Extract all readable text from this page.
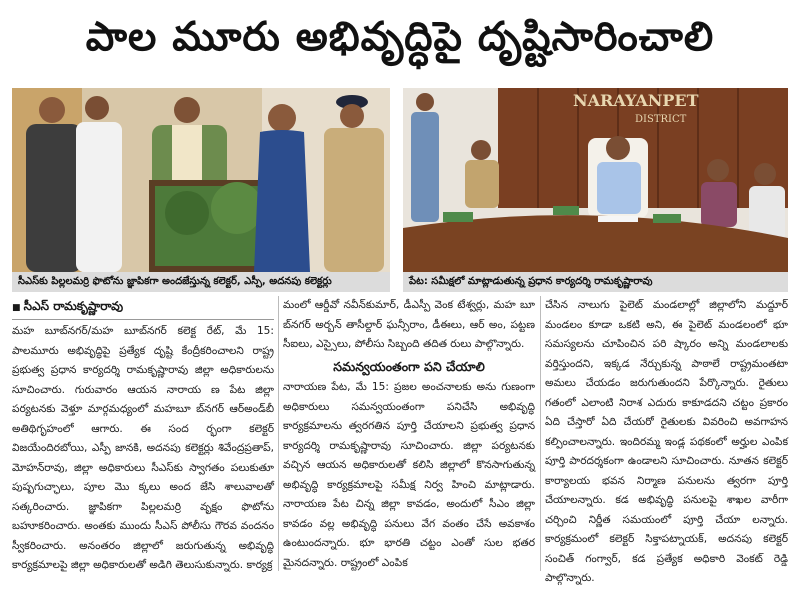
పాల మూరు అభివృద్ధిపై దృష్టిసారించాలి
సీఎస్‌కు పిల్లలమర్రి ఫొటోను జ్ఞాపికగా అందజేస్తున్న కలెక్టర్, ఎస్పీ, అదనపు కలెక్టర్లు
NARAYANPET
DISTRICT
పేట: సమీక్షలో మాట్లాడుతున్న ప్రధాన కార్యదర్శి రామకృష్ణారావు
■ సీఎస్ రామకృష్ణారావు

మహ బూబ్‌నగర్/మహ బూబ్‌నగర్ కలెక్ట రేట్, మే 15: పాలమూరు అభివృద్ధిపై ప్రత్యేక దృష్టి కేంద్రీకరించాలని రాష్ట్ర ప్రభుత్వ ప్రధాన కార్యదర్శి రామకృష్ణారావు జిల్లా అధికారులను సూచించారు. గురువారం ఆయన నారాయ ణ పేట జిల్లా పర్యటనకు వెళ్తూ మార్గమధ్యంలో మహబూ బ్‌నగర్ ఆర్‌అండ్‌బీ అతిథిగృహంలో ఆగారు. ఈ సంద ర్భంగా కలెక్టర్ విజయేందిరబోయి, ఎస్పీ జానకి, అదనపు కలెక్టర్లు శివేంద్రప్రతాప్, మోహన్‌రావు, జిల్లా అధికారులు సీఎస్‌కు స్వాగతం పలుకుతూ పుష్పగుచ్ఛాలు, పూల మొ క్కలు అంద జేసి శాలువాలతో సత్కరించారు. జ్ఞాపికగా పిల్లలమర్రి వృక్షం ఫొటోను బహూకరించారు. అంతకు ముందు సీఎస్ పోలీసు గౌరవ వందనం స్వీకరించారు. అనంతరం జిల్లాలో జరుగుతున్న అభివృద్ధి కార్యక్రమాలపై జిల్లా అధికారులతో అడిగి తెలుసుకున్నారు. కార్యక్ర

మంలో ఆర్డీవో నవీన్‌కుమార్, డీఎస్పీ వెంక టేశ్వర్లు, మహ బూ బ్‌నగర్ అర్బన్ తాసీల్దార్ ఘన్సీరాం, డీఈలు, ఆర్ అం, పట్టణ సీఐలు, ఎస్సైలు, పోలీసు సిబ్బంది తదిత రులు పాల్గొన్నారు.

సమన్వయంతంగా పని చేయాలి

నారాయణ పేట, మే 15: ప్రజల అంచనాలకు అను గుణంగా అధికారులు సమన్వయంతంగా పనిచేసి అభివృద్ధి కార్యక్రమాలను త్వరగతిన పూర్తి చేయాలని ప్రభుత్వ ప్రధాన కార్యదర్శి రామకృష్ణారావు సూచించారు. జిల్లా పర్యటనకు వచ్చిన ఆయన అధికారులతో కలిసి జిల్లాలో కొనసాగుతున్న అభివృద్ధి కార్యక్రమాలపై సమీక్ష నిర్వ హించి మాట్లాడారు. నారాయణ పేట చిన్న జిల్లా కావడం, అందులో సీఎం జిల్లా కావడం వల్ల అభివృద్ధి పనులు వేగ వంతం చేసే అవకాశం ఉంటుందన్నారు. భూ భారతి చట్టం ఎంతో సుల భతర మైనదన్నారు. రాష్ట్రంలో ఎంపిక

చేసిన నాలుగు పైలెట్ మండలాల్లో జిల్లాలోని మద్దూర్ మండలం కూడా ఒకటి అని, ఈ పైలెట్ మండలంలో భూ సమస్యలను చూపించిన పరి ష్కారం అన్ని మండలాలకు వర్తిస్తుందని, ఇక్కడ నేర్చుకున్న పాఠాలే రాష్ట్రమంతటా అమలు చేయడం జరుగుతుందని పేర్కొన్నారు. రైతులు గతంలో ఎలాంటి నిరాశ ఎదురు కాకూడదని చట్టం ప్రకారం ఏది చేస్తారో ఏది చేయరో రైతులకు వివరించి అవగాహన కల్పించాలన్నారు. ఇందిరమ్మ ఇండ్ల పథకంలో అర్హుల ఎంపిక పూర్తి పారదర్శకంగా ఉండాలని సూచించారు. నూతన కలెక్టర్ కార్యాలయ భవన నిర్మాణ పనులను త్వరగా పూర్తి చేయాలన్నారు. కడ అభివృద్ధి పనులపై శాఖల వారీగా చర్చించి నిర్ణీత సమయంలో పూర్తి చేయా లన్నారు. కార్యక్రమంలో కలెక్టర్ సిక్తాపట్నాయక్, అదనపు కలెక్టర్ సంచిత్ గంగ్వార్, కడ ప్రత్యేక అధికారి వెంకట్ రెడ్డి పాల్గొన్నారు.
